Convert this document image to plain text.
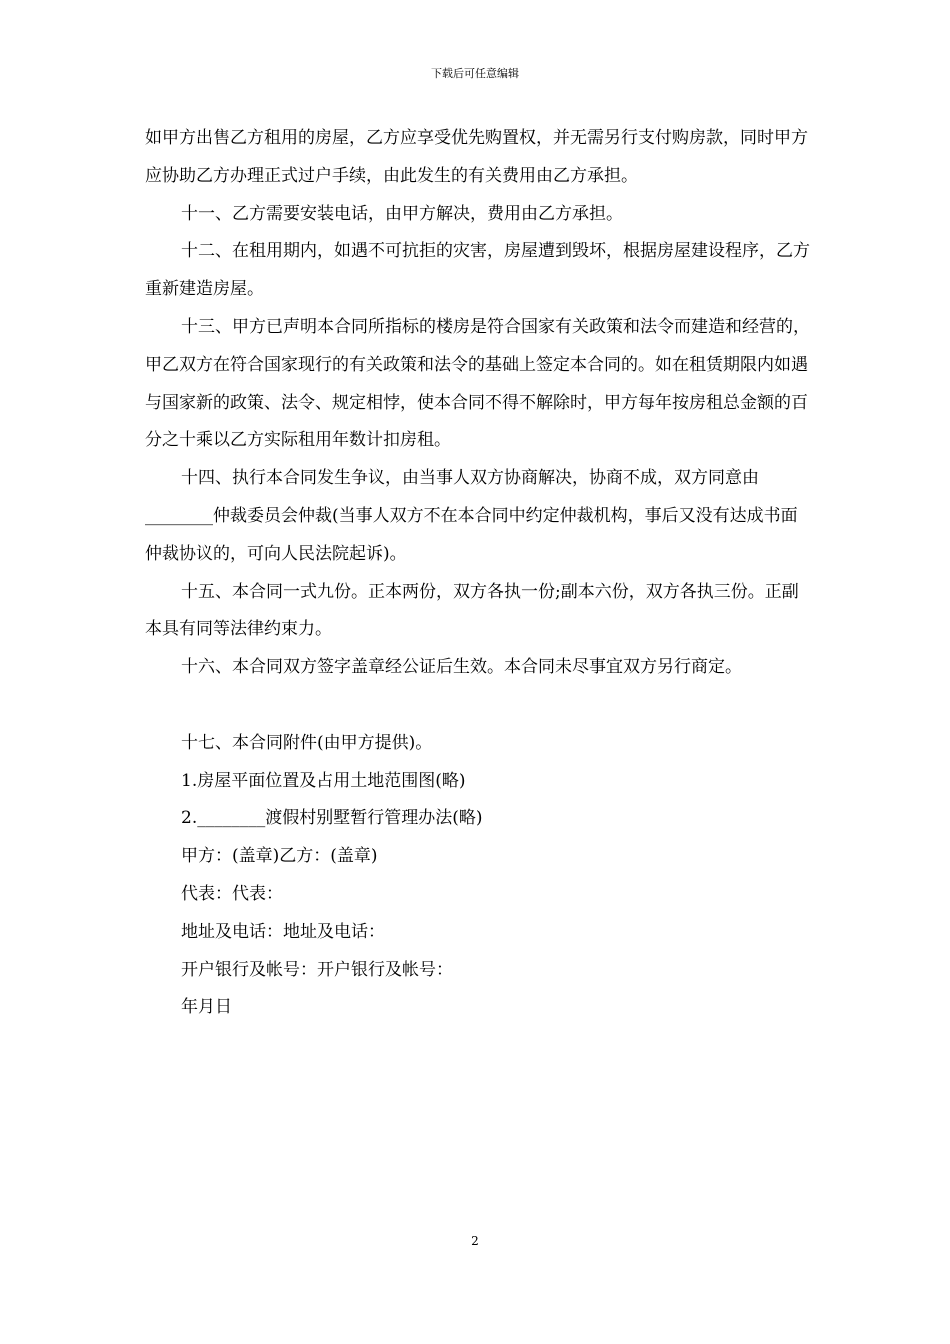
下载后可任意编辑

如甲方出售乙方租用的房屋，乙方应享受优先购置权，并无需另行支付购房款，同时甲方应协助乙方办理正式过户手续，由此发生的有关费用由乙方承担。

十一、乙方需要安装电话，由甲方解决，费用由乙方承担。

十二、在租用期内，如遇不可抗拒的灾害，房屋遭到毁坏，根据房屋建设程序，乙方重新建造房屋。

十三、甲方已声明本合同所指标的楼房是符合国家有关政策和法令而建造和经营的，甲乙双方在符合国家现行的有关政策和法令的基础上签定本合同的。如在租赁期限内如遇与国家新的政策、法令、规定相悖，使本合同不得不解除时，甲方每年按房租总金额的百分之十乘以乙方实际租用年数计扣房租。

十四、执行本合同发生争议，由当事人双方协商解决，协商不成，双方同意由________仲裁委员会仲裁(当事人双方不在本合同中约定仲裁机构，事后又没有达成书面仲裁协议的，可向人民法院起诉)。

十五、本合同一式九份。正本两份，双方各执一份;副本六份，双方各执三份。正副本具有同等法律约束力。

十六、本合同双方签字盖章经公证后生效。本合同未尽事宜双方另行商定。

十七、本合同附件(由甲方提供)。

1.房屋平面位置及占用土地范围图(略)

2.________渡假村别墅暂行管理办法(略)

甲方：(盖章)乙方：(盖章)

代表：代表：

地址及电话：地址及电话：

开户银行及帐号：开户银行及帐号：

年月日

2
